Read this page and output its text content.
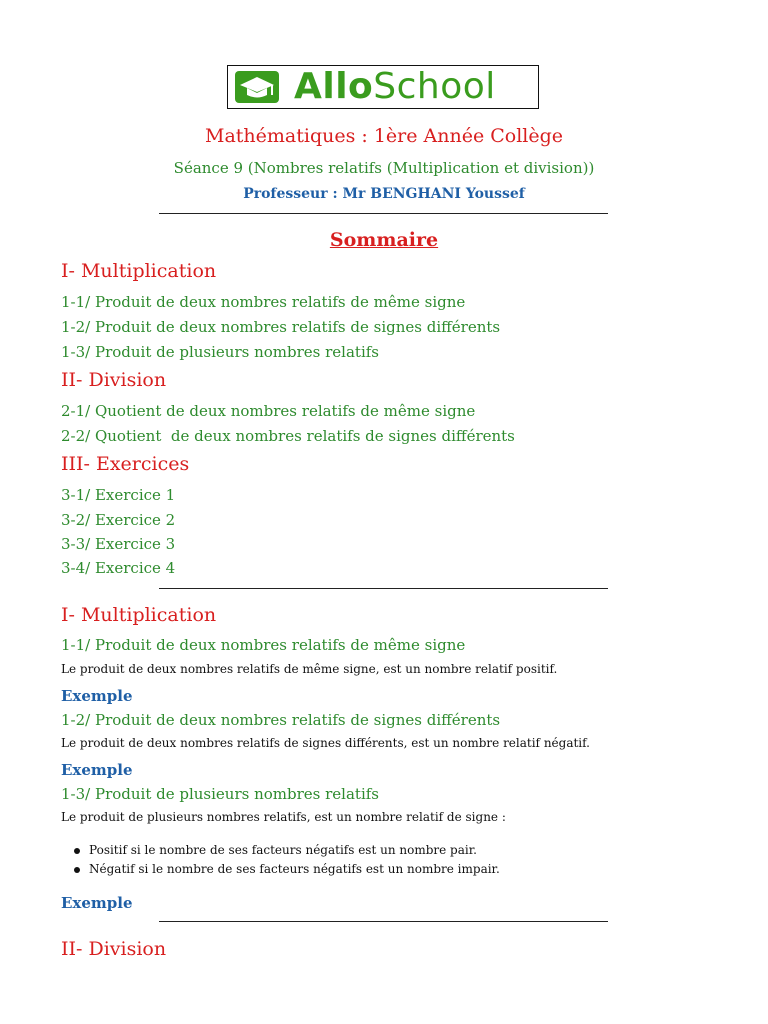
AlloSchool
Mathématiques : 1ère Année Collège
Séance 9 (Nombres relatifs (Multiplication et division))
Professeur : Mr BENGHANI Youssef
Sommaire
I- Multiplication
1-1/ Produit de deux nombres relatifs de même signe
1-2/ Produit de deux nombres relatifs de signes différents
1-3/ Produit de plusieurs nombres relatifs
II- Division
2-1/ Quotient de deux nombres relatifs de même signe
2-2/ Quotient  de deux nombres relatifs de signes différents
III- Exercices
3-1/ Exercice 1
3-2/ Exercice 2
3-3/ Exercice 3
3-4/ Exercice 4
I- Multiplication
1-1/ Produit de deux nombres relatifs de même signe
Le produit de deux nombres relatifs de même signe, est un nombre relatif positif.
Exemple
1-2/ Produit de deux nombres relatifs de signes différents
Le produit de deux nombres relatifs de signes différents, est un nombre relatif négatif.
Exemple
1-3/ Produit de plusieurs nombres relatifs
Le produit de plusieurs nombres relatifs, est un nombre relatif de signe :
Positif si le nombre de ses facteurs négatifs est un nombre pair.
Négatif si le nombre de ses facteurs négatifs est un nombre impair.
Exemple
II- Division
